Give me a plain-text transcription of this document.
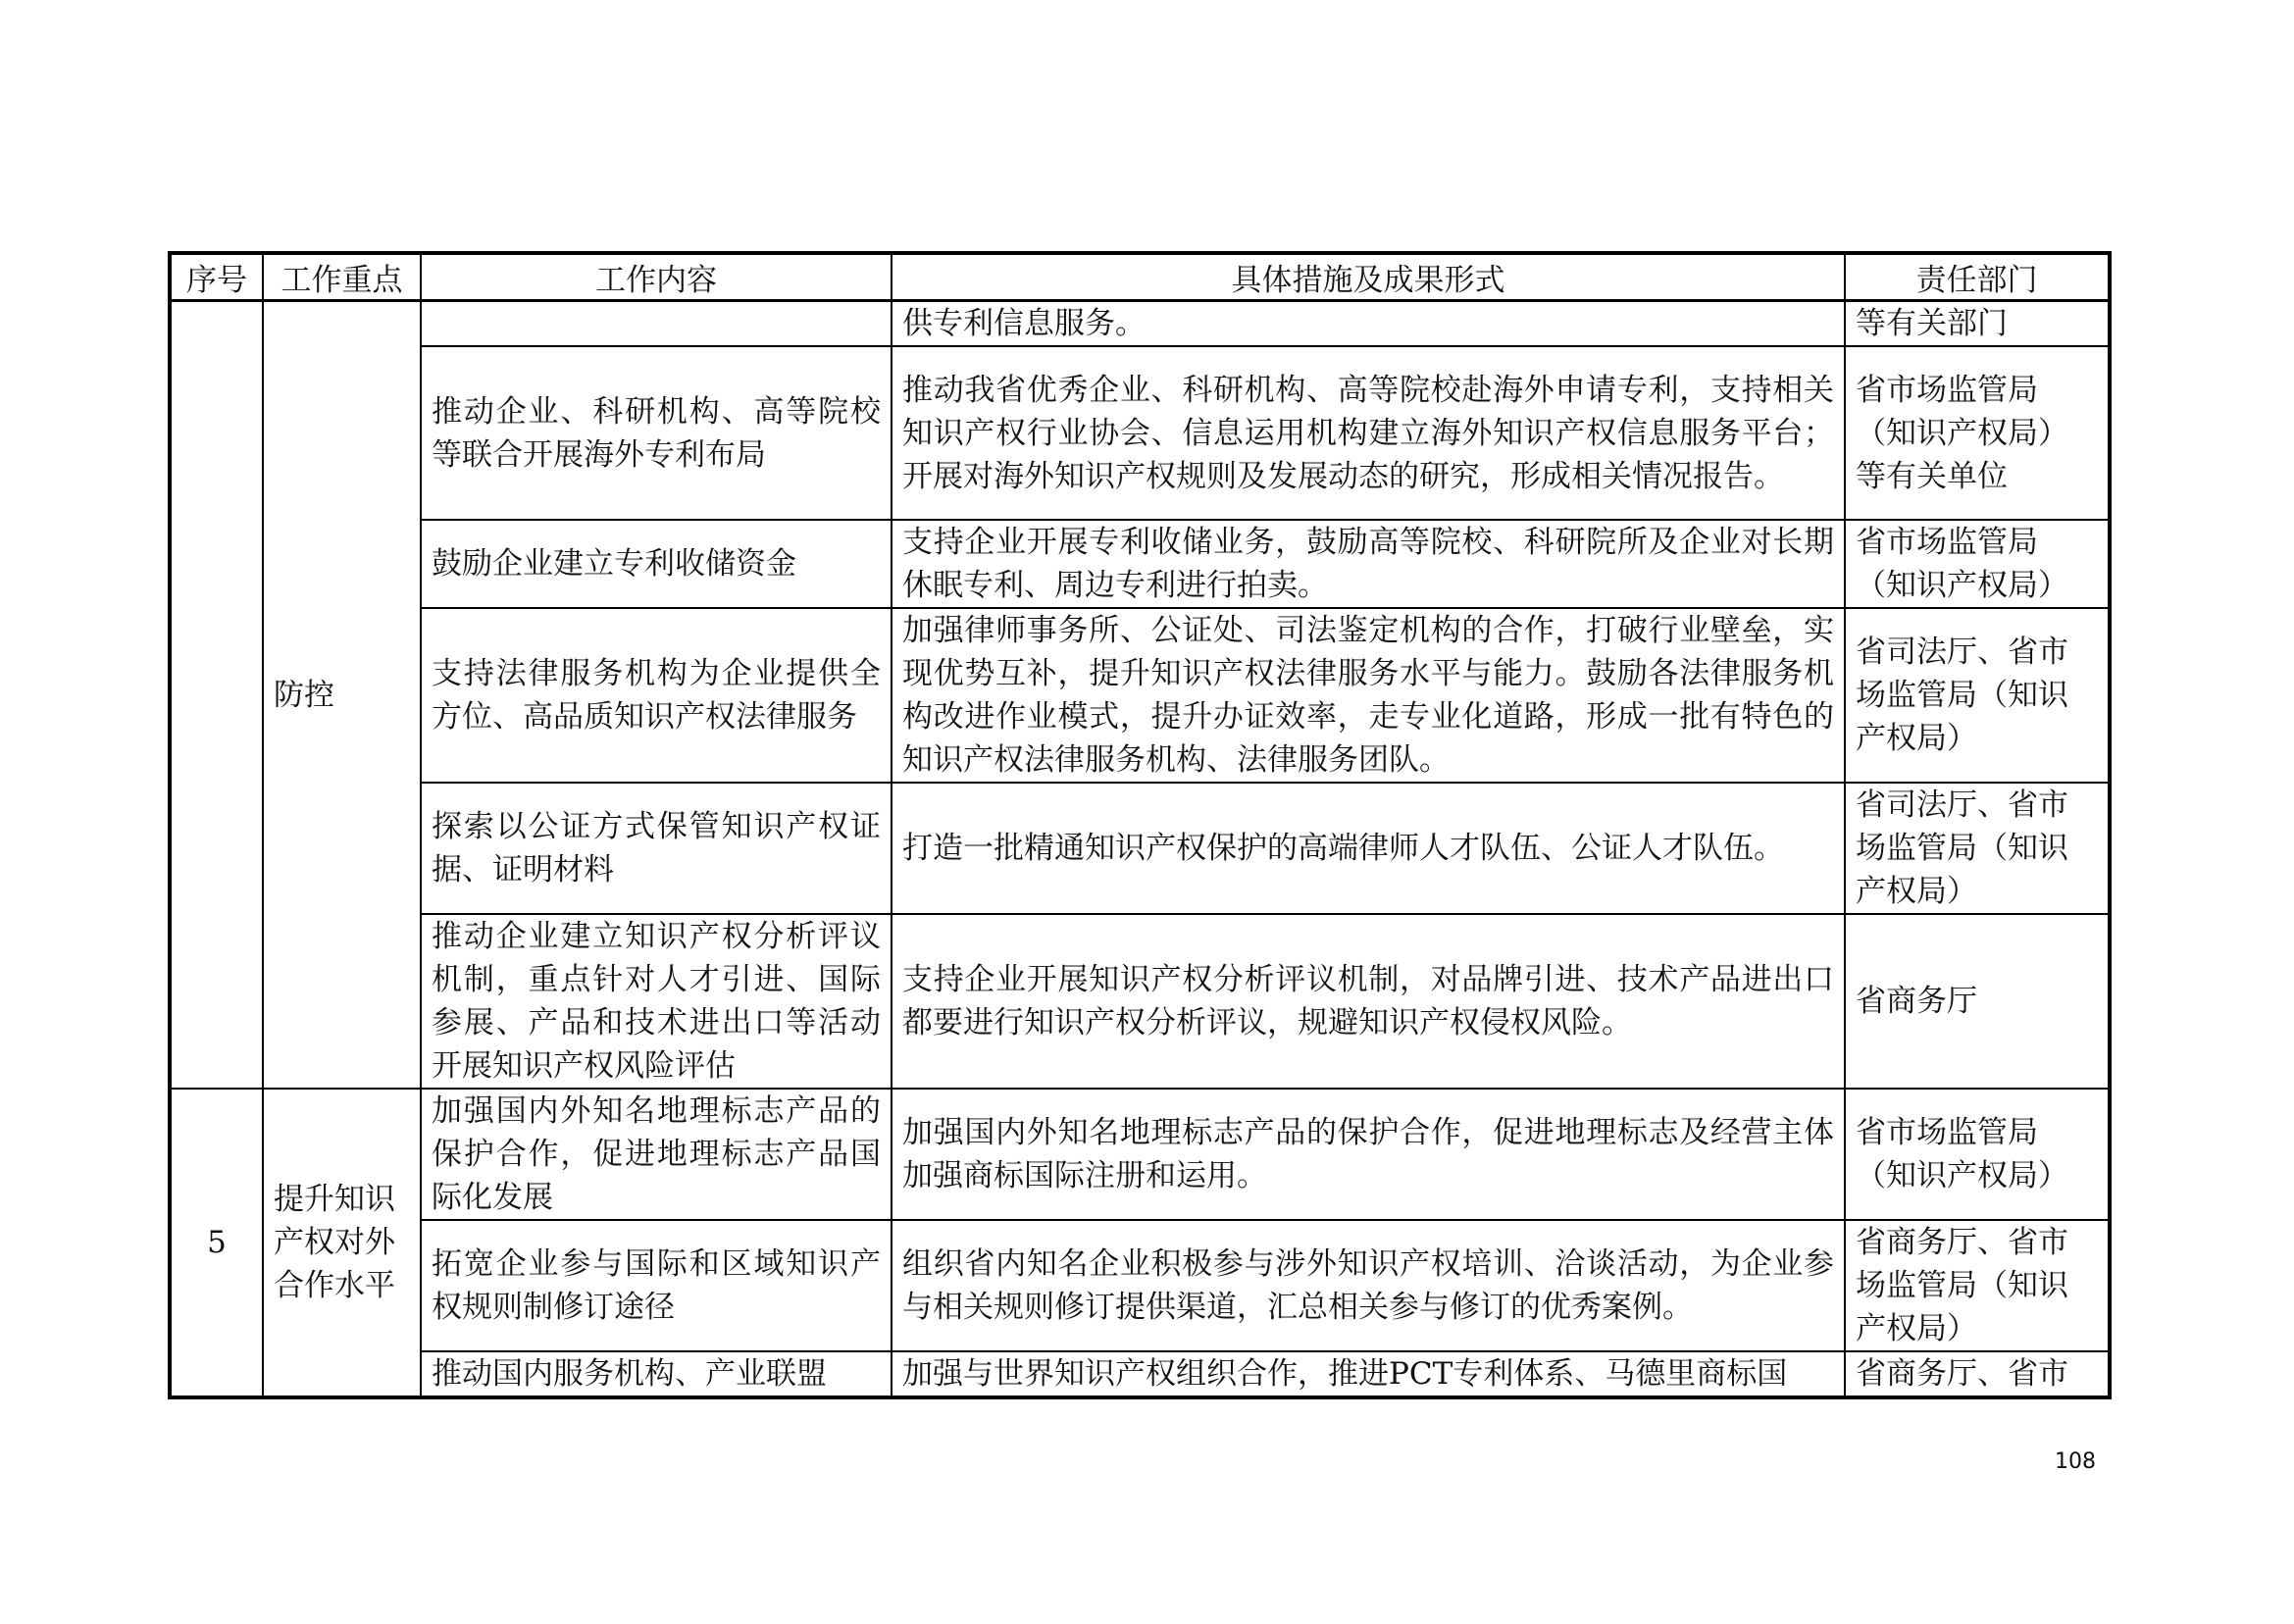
序号	工作重点	工作内容	具体措施及成果形式	责任部门
	防控		供专利信息服务。	等有关部门
		推动企业、科研机构、高等院校等联合开展海外专利布局	推动我省优秀企业、科研机构、高等院校赴海外申请专利，支持相关知识产权行业协会、信息运用机构建立海外知识产权信息服务平台；开展对海外知识产权规则及发展动态的研究，形成相关情况报告。	省市场监管局（知识产权局）等有关单位
		鼓励企业建立专利收储资金	支持企业开展专利收储业务，鼓励高等院校、科研院所及企业对长期休眠专利、周边专利进行拍卖。	省市场监管局（知识产权局）
		支持法律服务机构为企业提供全方位、高品质知识产权法律服务	加强律师事务所、公证处、司法鉴定机构的合作，打破行业壁垒，实现优势互补，提升知识产权法律服务水平与能力。鼓励各法律服务机构改进作业模式，提升办证效率，走专业化道路，形成一批有特色的知识产权法律服务机构、法律服务团队。	省司法厅、省市场监管局（知识产权局）
		探索以公证方式保管知识产权证据、证明材料	打造一批精通知识产权保护的高端律师人才队伍、公证人才队伍。	省司法厅、省市场监管局（知识产权局）
		推动企业建立知识产权分析评议机制，重点针对人才引进、国际参展、产品和技术进出口等活动开展知识产权风险评估	支持企业开展知识产权分析评议机制，对品牌引进、技术产品进出口都要进行知识产权分析评议，规避知识产权侵权风险。	省商务厅
5	提升知识产权对外合作水平	加强国内外知名地理标志产品的保护合作，促进地理标志产品国际化发展	加强国内外知名地理标志产品的保护合作，促进地理标志及经营主体加强商标国际注册和运用。	省市场监管局（知识产权局）
		拓宽企业参与国际和区域知识产权规则制修订途径	组织省内知名企业积极参与涉外知识产权培训、洽谈活动，为企业参与相关规则修订提供渠道，汇总相关参与修订的优秀案例。	省商务厅、省市场监管局（知识产权局）
		推动国内服务机构、产业联盟	加强与世界知识产权组织合作，推进PCT专利体系、马德里商标国	省商务厅、省市
108
